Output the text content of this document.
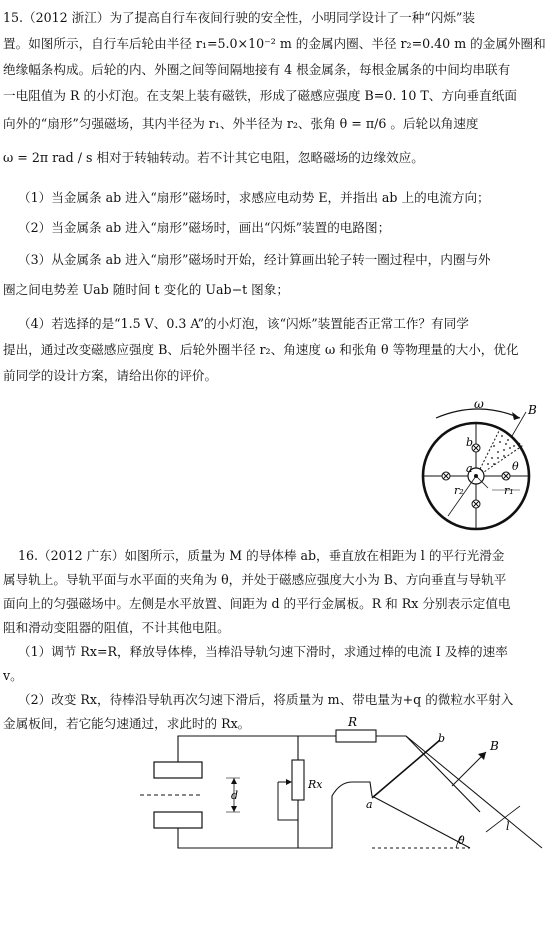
15.（2012 浙江）为了提高自行车夜间行驶的安全性，小明同学设计了一种“闪烁”装
置。如图所示，自行车后轮由半径 r₁=5.0×10⁻² m 的金属内圈、半径 r₂=0.40 m 的金属外圈和
绝缘幅条构成。后轮的内、外圈之间等间隔地接有 4 根金属条，每根金属条的中间均串联有
一电阻值为 R 的小灯泡。在支架上装有磁铁，形成了磁感应强度 B=0. 10 T、方向垂直纸面
向外的“扇形”匀强磁场，其内半径为 r₁、外半径为 r₂、张角 θ = π/6 。后轮以角速度
ω = 2π rad / s 相对于转轴转动。若不计其它电阻，忽略磁场的边缘效应。
（1）当金属条 ab 进入“扇形”磁场时，求感应电动势 E，并指出 ab 上的电流方向；
（2）当金属条 ab 进入“扇形”磁场时，画出“闪烁”装置的电路图；
（3）从金属条 ab 进入“扇形”磁场时开始，经计算画出轮子转一圈过程中，内圈与外
圈之间电势差 Uab 随时间 t 变化的 Uab−t 图象；
（4）若选择的是“1.5 V、0.3 A”的小灯泡，该“闪烁”装置能否正常工作？有同学
提出，通过改变磁感应强度 B、后轮外圈半径 r₂、角速度 ω 和张角 θ 等物理量的大小，优化
前同学的设计方案，请给出你的评价。
ω	B
b
a	θ
r₁
r₂
16.（2012 广东）如图所示，质量为 M 的导体棒 ab，垂直放在相距为 l 的平行光滑金
属导轨上。导轨平面与水平面的夹角为 θ，并处于磁感应强度大小为 B、方向垂直与导轨平
面向上的匀强磁场中。左侧是水平放置、间距为 d 的平行金属板。R 和 Rx 分别表示定值电
阻和滑动变阻器的阻值，不计其他电阻。
（1）调节 Rx=R，释放导体棒，当棒沿导轨匀速下滑时，求通过棒的电流 I 及棒的速率
v。
（2）改变 Rx，待棒沿导轨再次匀速下滑后，将质量为 m、带电量为+q 的微粒水平射入
金属板间，若它能匀速通过，求此时的 Rx。
d
R
Rx
a
b
B
l
θ
